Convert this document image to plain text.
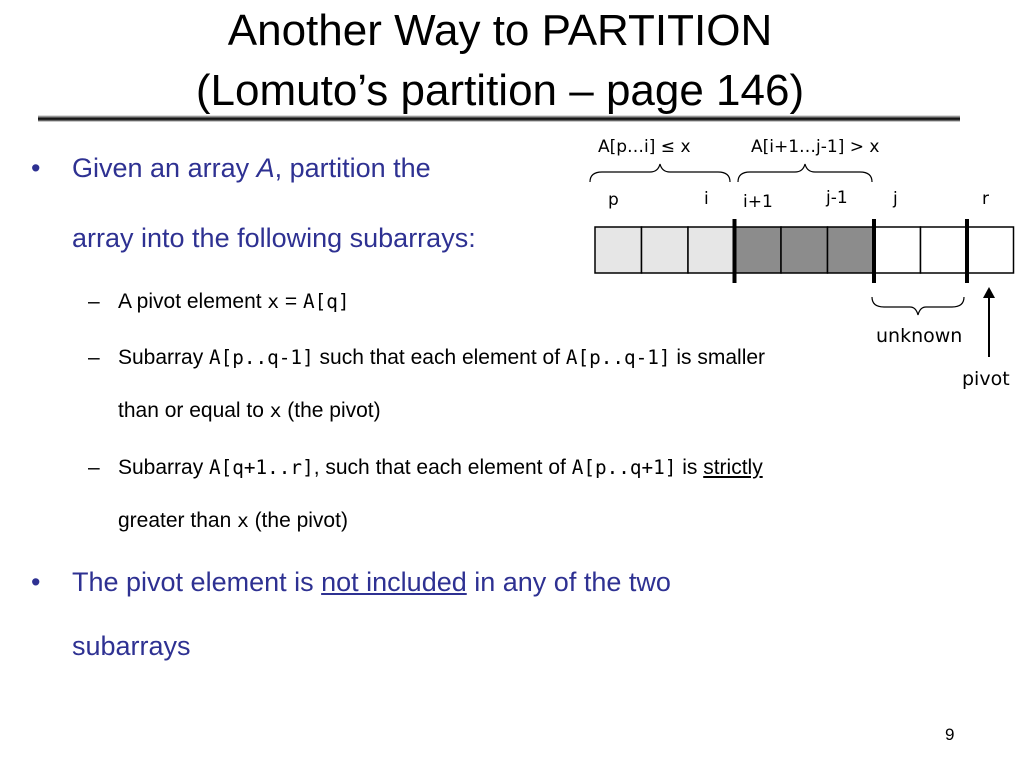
Another Way to PARTITION
(Lomuto’s partition – page 146)
• Given an array A, partition the
array into the following subarrays:
– A pivot element x = A[q]
– Subarray A[p..q-1] such that each element of A[p..q-1] is smaller
than or equal to x (the pivot)
– Subarray A[q+1..r], such that each element of A[p..q+1] is strictly
greater than x (the pivot)
• The pivot element is not included in any of the two
subarrays
A[p…i] ≤ x	A[i+1…j-1] > x
p	i i+1	j-1	j	r
unknown
pivot
9
